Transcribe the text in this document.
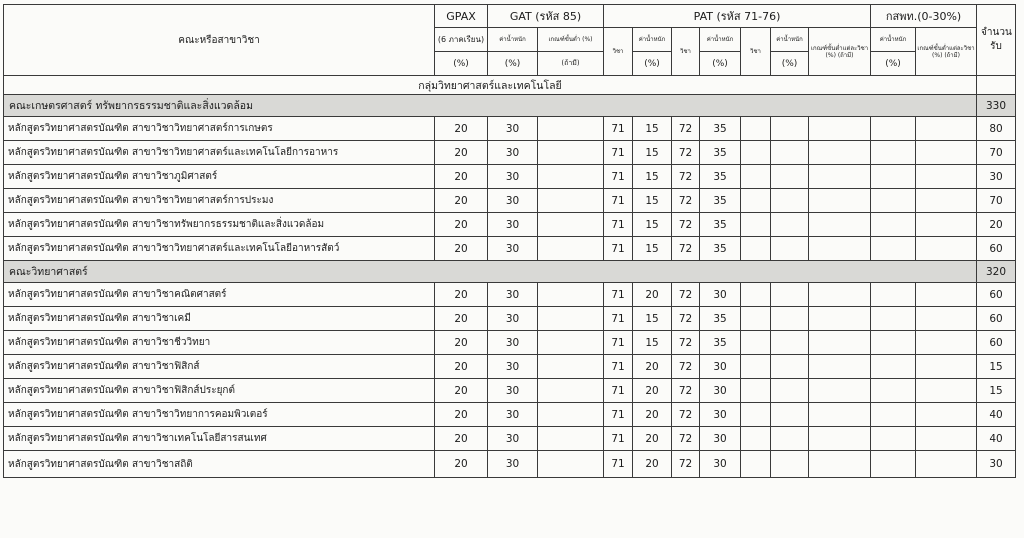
คณะหรือสาขาวิชา	GPAX	GAT (รหัส 85)		PAT (รหัส 71-76)							กสพท.(0-30%)		จำนวนรับ
	(6 ภาคเรียน)	ค่าน้ำหนัก	เกณฑ์ขั้นต่ำ (%)	วิชา	ค่าน้ำหนัก	วิชา	ค่าน้ำหนัก	วิชา	ค่าน้ำหนัก	เกณฑ์ขั้นต่ำแต่ละวิชา (%) (ถ้ามี)	ค่าน้ำหนัก	เกณฑ์ขั้นต่ำแต่ละวิชา (%) (ถ้ามี)	
	(%)	(%)	(ถ้ามี)		(%)		(%)		(%)		(%)		
กลุ่มวิทยาศาสตร์และเทคโนโลยี													
คณะเกษตรศาสตร์ ทรัพยากรธรรมชาติและสิ่งแวดล้อม													330
หลักสูตรวิทยาศาสตรบัณฑิต สาขาวิชาวิทยาศาสตร์การเกษตร	20	30		71	15	72	35						80
หลักสูตรวิทยาศาสตรบัณฑิต สาขาวิชาวิทยาศาสตร์และเทคโนโลยีการอาหาร	20	30		71	15	72	35						70
หลักสูตรวิทยาศาสตรบัณฑิต สาขาวิชาภูมิศาสตร์	20	30		71	15	72	35						30
หลักสูตรวิทยาศาสตรบัณฑิต สาขาวิชาวิทยาศาสตร์การประมง	20	30		71	15	72	35						70
หลักสูตรวิทยาศาสตรบัณฑิต สาขาวิชาทรัพยากรธรรมชาติและสิ่งแวดล้อม	20	30		71	15	72	35						20
หลักสูตรวิทยาศาสตรบัณฑิต สาขาวิชาวิทยาศาสตร์และเทคโนโลยีอาหารสัตว์	20	30		71	15	72	35						60
คณะวิทยาศาสตร์													320
หลักสูตรวิทยาศาสตรบัณฑิต สาขาวิชาคณิตศาสตร์	20	30		71	20	72	30						60
หลักสูตรวิทยาศาสตรบัณฑิต สาขาวิชาเคมี	20	30		71	15	72	35						60
หลักสูตรวิทยาศาสตรบัณฑิต สาขาวิชาชีววิทยา	20	30		71	15	72	35						60
หลักสูตรวิทยาศาสตรบัณฑิต สาขาวิชาฟิสิกส์	20	30		71	20	72	30						15
หลักสูตรวิทยาศาสตรบัณฑิต สาขาวิชาฟิสิกส์ประยุกต์	20	30		71	20	72	30						15
หลักสูตรวิทยาศาสตรบัณฑิต สาขาวิชาวิทยาการคอมพิวเตอร์	20	30		71	20	72	30						40
หลักสูตรวิทยาศาสตรบัณฑิต สาขาวิชาเทคโนโลยีสารสนเทศ	20	30		71	20	72	30						40
หลักสูตรวิทยาศาสตรบัณฑิต สาขาวิชาสถิติ	20	30		71	20	72	30						30
